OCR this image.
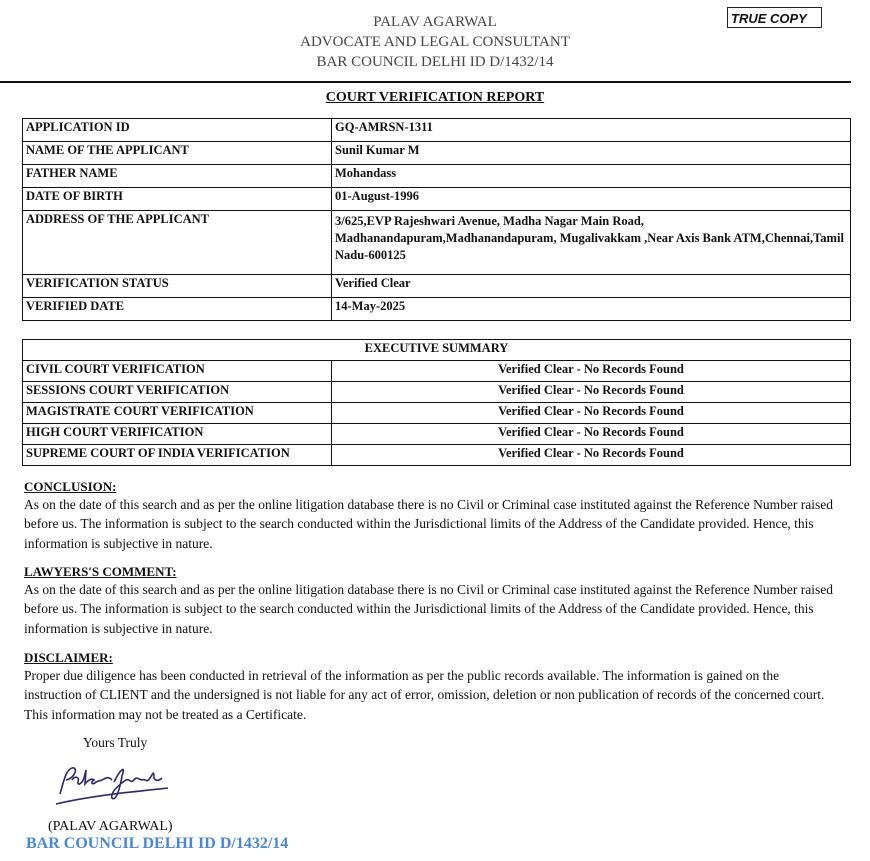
PALAV AGARWAL
ADVOCATE AND LEGAL CONSULTANT
BAR COUNCIL DELHI ID D/1432/14
TRUE COPY
COURT VERIFICATION REPORT
APPLICATION ID	GQ-AMRSN-1311
NAME OF THE APPLICANT	Sunil Kumar M
FATHER NAME	Mohandass
DATE OF BIRTH	01-August-1996
ADDRESS OF THE APPLICANT	3/625,EVP Rajeshwari Avenue, Madha Nagar Main Road, Madhanandapuram,Madhanandapuram, Mugalivakkam ,Near Axis Bank ATM,Chennai,Tamil Nadu-600125
VERIFICATION STATUS	Verified Clear
VERIFIED DATE	14-May-2025
EXECUTIVE SUMMARY	
CIVIL COURT VERIFICATION	Verified Clear - No Records Found
SESSIONS COURT VERIFICATION	Verified Clear - No Records Found
MAGISTRATE COURT VERIFICATION	Verified Clear - No Records Found
HIGH COURT VERIFICATION	Verified Clear - No Records Found
SUPREME COURT OF INDIA VERIFICATION	Verified Clear - No Records Found
CONCLUSION:

As on the date of this search and as per the online litigation database there is no Civil or Criminal case instituted against the Reference Number raised before us. The information is subject to the search conducted within the Jurisdictional limits of the Address of the Candidate provided. Hence, this information is subjective in nature.

LAWYERS'S COMMENT:

As on the date of this search and as per the online litigation database there is no Civil or Criminal case instituted against the Reference Number raised before us. The information is subject to the search conducted within the Jurisdictional limits of the Address of the Candidate provided. Hence, this information is subjective in nature.

DISCLAIMER:

Proper due diligence has been conducted in retrieval of the information as per the public records available. The information is gained on the instruction of CLIENT and the undersigned is not liable for any act of error, omission, deletion or non publication of records of the concerned court. This information may not be treated as a Certificate.

Yours Truly
(PALAV AGARWAL)
BAR COUNCIL DELHI ID D/1432/14
